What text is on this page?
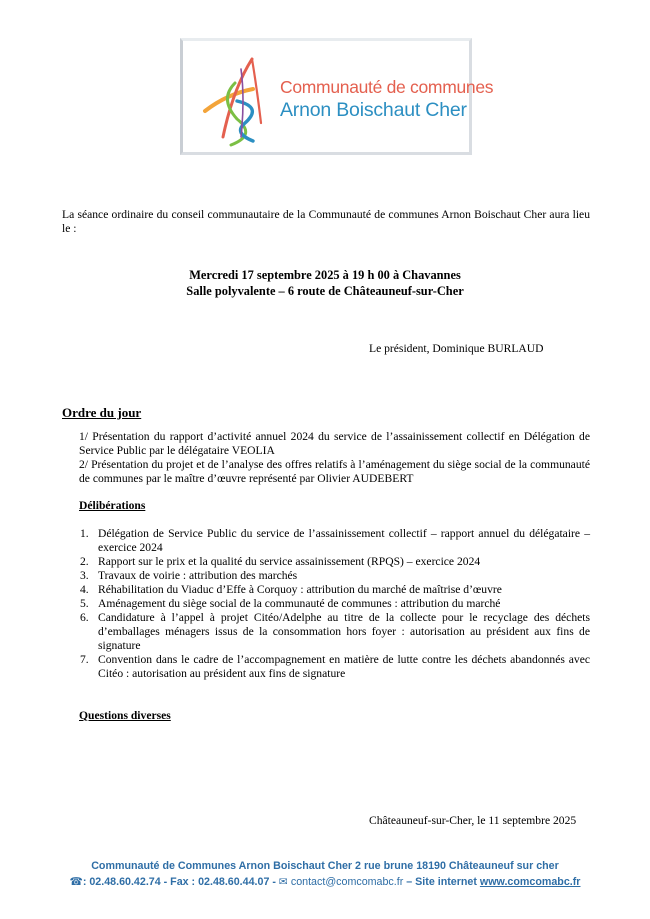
Communauté de communes
Arnon Boischaut Cher

La séance ordinaire du conseil communautaire de la Communauté de communes Arnon Boischaut Cher aura lieu le :

Mercredi 17 septembre 2025 à 19 h 00 à Chavannes

Salle polyvalente – 6 route de Châteauneuf-sur-Cher

Le président, Dominique BURLAUD

Ordre du jour

1/ Présentation du rapport d’activité annuel 2024 du service de l’assainissement collectif en Délégation de Service Public par le délégataire VEOLIA

2/ Présentation du projet et de l’analyse des offres relatifs à l’aménagement du siège social de la communauté de communes par le maître d’œuvre représenté par Olivier AUDEBERT

Délibérations

1. Délégation de Service Public du service de l’assainissement collectif – rapport annuel du délégataire – exercice 2024

2. Rapport sur le prix et la qualité du service assainissement (RPQS) – exercice 2024

3. Travaux de voirie : attribution des marchés

4. Réhabilitation du Viaduc d’Effe à Corquoy : attribution du marché de maîtrise d’œuvre

5. Aménagement du siège social de la communauté de communes : attribution du marché

6. Candidature à l’appel à projet Citéo/Adelphe au titre de la collecte pour le recyclage des déchets d’emballages ménagers issus de la consommation hors foyer : autorisation au président aux fins de signature

7. Convention dans le cadre de l’accompagnement en matière de lutte contre les déchets abandonnés avec Citéo : autorisation au président aux fins de signature

Questions diverses

Châteauneuf-sur-Cher, le 11 septembre 2025

Communauté de Communes Arnon Boischaut Cher 2 rue brune 18190 Châteauneuf sur cher

☎: 02.48.60.42.74 - Fax : 02.48.60.44.07 - ✉ contact@comcomabc.fr – Site internet www.comcomabc.fr
